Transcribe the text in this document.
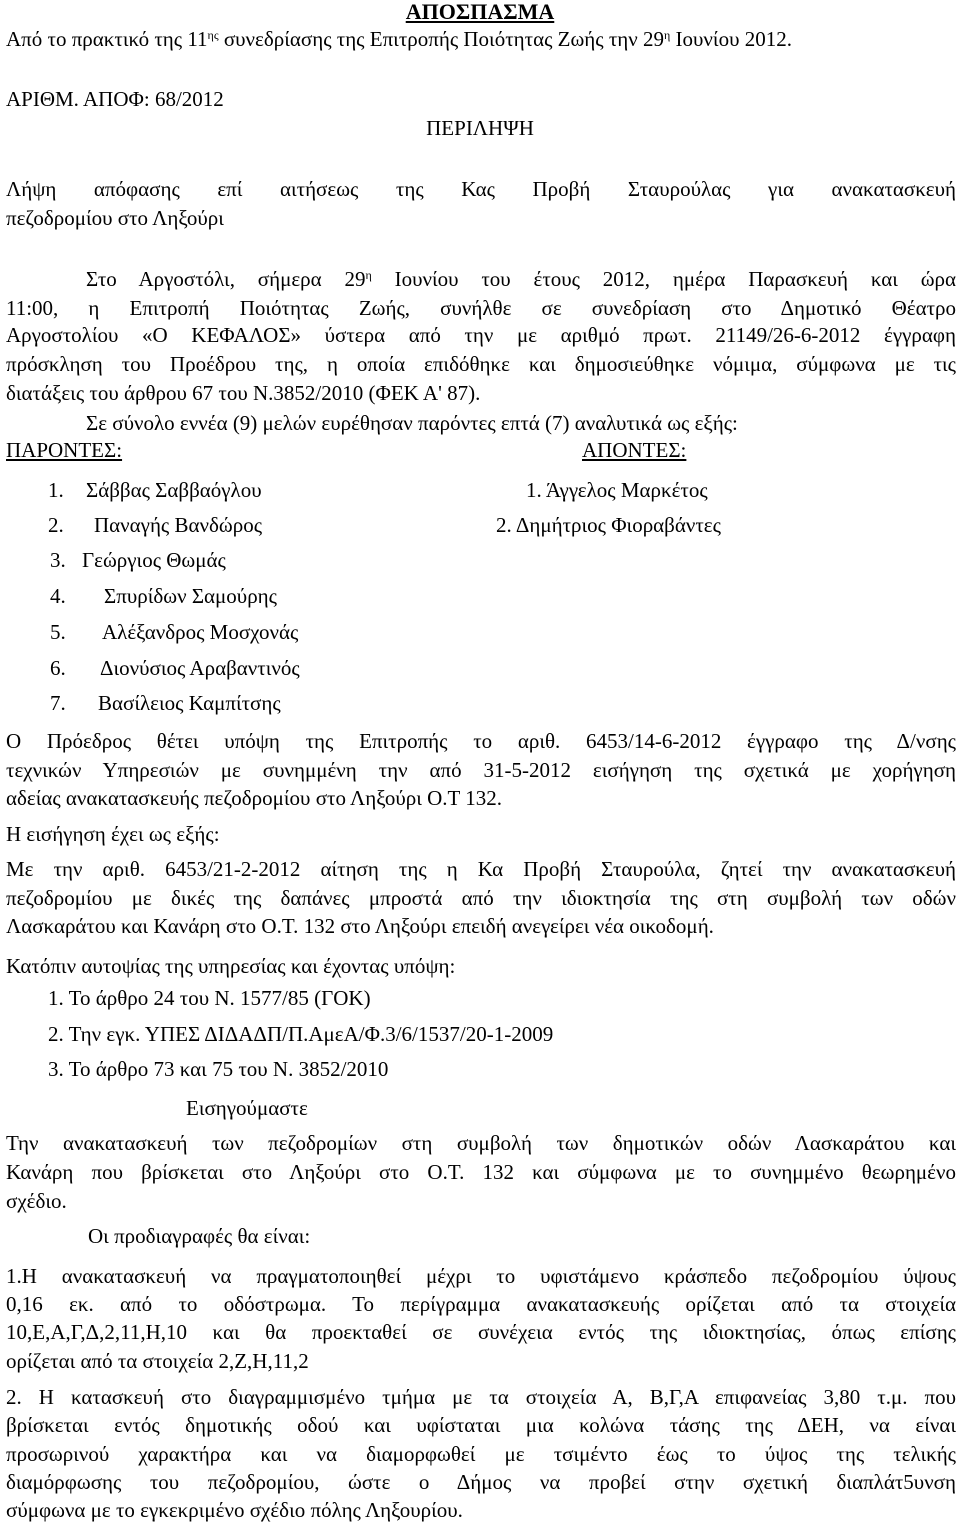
ΑΠΟΣΠΑΣΜΑ
Από το πρακτικό της $11^{\eta\varsigma}$ συνεδρίασης της Επιτροπής Ποιότητας Ζωής την $29^\eta$ Ιουνίου 2012.
ΑΡΙΘΜ. ΑΠΟΦ: 68/2012
ΠΕΡΙΛΗΨΗ
Λήψη απόφασης επί αιτήσεως της Κας Προβή Σταυρούλας για ανακατασκευή
πεζοδρομίου στο Ληξούρι
Στο Αργοστόλι, σήμερα $29^\eta$ Ιουνίου του έτους 2012, ημέρα Παρασκευή και ώρα
11:00, η Επιτροπή Ποιότητας Ζωής, συνήλθε σε συνεδρίαση στο Δημοτικό Θέατρο
Αργοστολίου «Ο ΚΕΦΑΛΟΣ» ύστερα από την με αριθμό πρωτ. 21149/26-6-2012 έγγραφη
πρόσκληση του Προέδρου της, η οποία επιδόθηκε και δημοσιεύθηκε νόμιμα, σύμφωνα με τις
διατάξεις του άρθρου 67 του Ν.3852/2010 (ΦΕΚ Α' 87).
Σε σύνολο εννέα (9) μελών ευρέθησαν παρόντες επτά (7) αναλυτικά ως εξής:
ΠΑΡΟΝΤΕΣ:	ΑΠΟΝΤΕΣ:
1. Σάββας Σαββαόγλου
2. Παναγής Βανδώρος
3. Γεώργιος Θωμάς
4. Σπυρίδων Σαμούρης
5. Αλέξανδρος Μοσχονάς
6. Διονύσιος Αραβαντινός
7. Βασίλειος Καμπίτσης
1. Άγγελος Μαρκέτος
2. Δημήτριος Φιοραβάντες
Ο Πρόεδρος θέτει υπόψη της Επιτροπής το αριθ. 6453/14-6-2012 έγγραφο της Δ/νσης
τεχνικών Υπηρεσιών με συνημμένη την από 31-5-2012 εισήγηση της σχετικά με χορήγηση
αδείας ανακατασκευής πεζοδρομίου στο Ληξούρι Ο.Τ 132.
Η εισήγηση έχει ως εξής:
Με την αριθ. 6453/21-2-2012 αίτηση της η Κα Προβή Σταυρούλα, ζητεί την ανακατασκευή
πεζοδρομίου με δικές της δαπάνες μπροστά από την ιδιοκτησία της στη συμβολή των οδών
Λασκαράτου και Κανάρη στο Ο.Τ. 132 στο Ληξούρι επειδή ανεγείρει νέα οικοδομή.
Κατόπιν αυτοψίας της υπηρεσίας και έχοντας υπόψη:
1. Το άρθρο 24 του Ν. 1577/85 (ΓΟΚ)
2. Την εγκ. ΥΠΕΣ ΔΙΔΑΔΠ/Π.ΑμεΑ/Φ.3/6/1537/20-1-2009
3. Το άρθρο 73 και 75 του Ν. 3852/2010
Εισηγούμαστε
Την ανακατασκευή των πεζοδρομίων στη συμβολή των δημοτικών οδών Λασκαράτου και
Κανάρη που βρίσκεται στο Ληξούρι στο Ο.Τ. 132 και σύμφωνα με το συνημμένο θεωρημένο
σχέδιο.
Οι προδιαγραφές θα είναι:
1.Η ανακατασκευή να πραγματοποιηθεί μέχρι το υφιστάμενο κράσπεδο πεζοδρομίου ύψους
0,16 εκ. από το οδόστρωμα. Το περίγραμμα ανακατασκευής ορίζεται από τα στοιχεία
10,Ε,Α,Γ,Δ,2,11,Η,10 και θα προεκταθεί σε συνέχεια εντός της ιδιοκτησίας, όπως επίσης
ορίζεται από τα στοιχεία 2,Ζ,Η,11,2
2. Η κατασκευή στο διαγραμμισμένο τμήμα με τα στοιχεία Α, Β,Γ,Α επιφανείας 3,80 τ.μ. που
βρίσκεται εντός δημοτικής οδού και υφίσταται μια κολώνα τάσης της ΔΕΗ, να είναι
προσωρινού χαρακτήρα και να διαμορφωθεί με τσιμέντο έως το ύψος της τελικής
διαμόρφωσης του πεζοδρομίου, ώστε ο Δήμος να προβεί στην σχετική διαπλάτ5υνση
σύμφωνα με το εγκεκριμένο σχέδιο πόλης Ληξουρίου.
